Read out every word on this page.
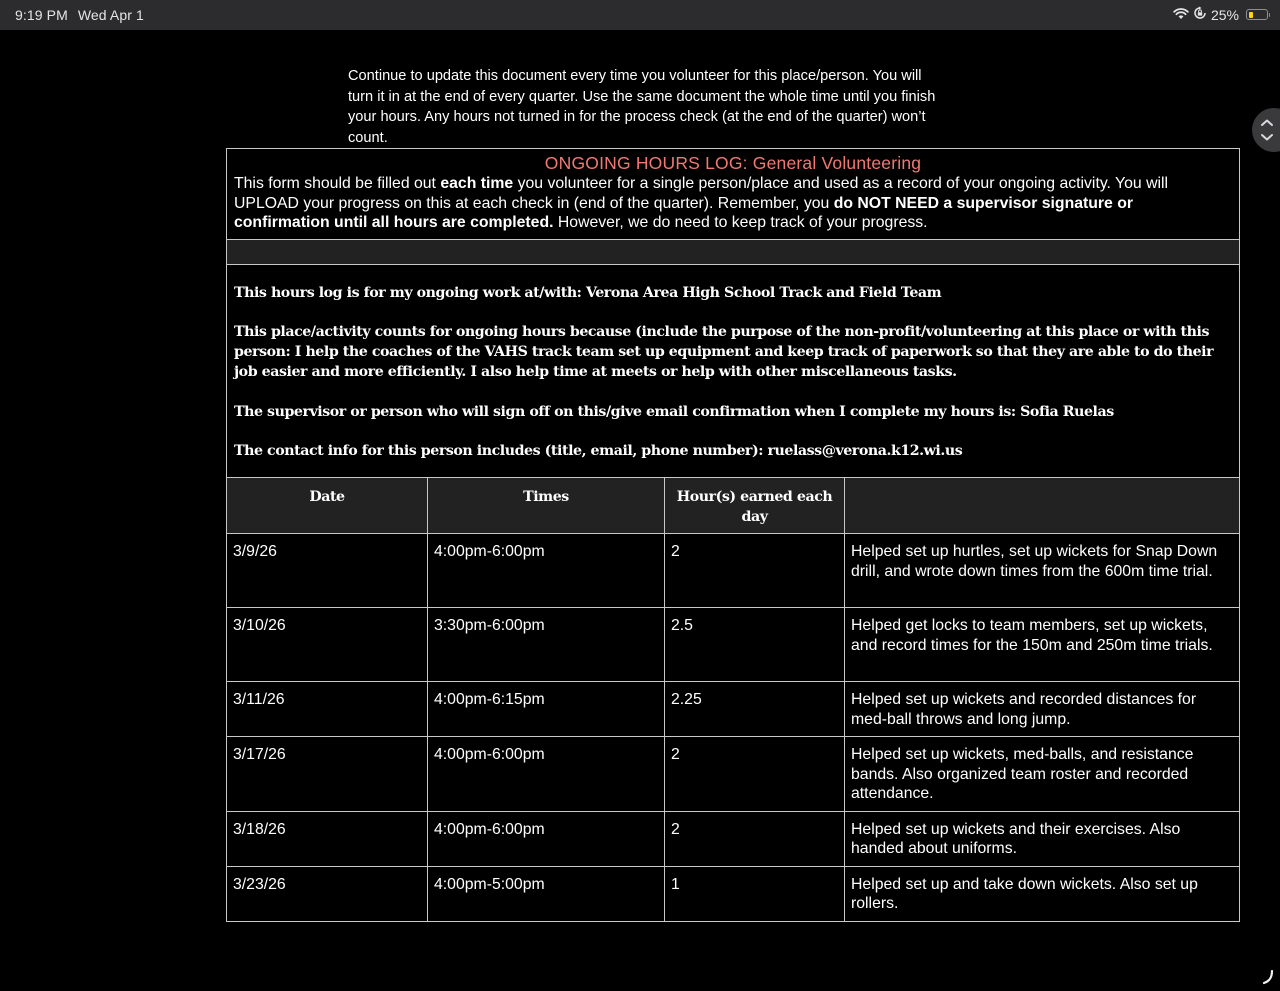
9:19 PM Wed Apr 1	25%
Continue to update this document every time you volunteer for this place/person. You will turn it in at the end of every quarter. Use the same document the whole time until you finish your hours. Any hours not turned in for the process check (at the end of the quarter) won’t count.
ONGOING HOURS LOG: General Volunteering
This form should be filled out each time you volunteer for a single person/place and used as a record of your ongoing activity. You will UPLOAD your progress on this at each check in (end of the quarter). Remember, you do NOT NEED a supervisor signature or confirmation until all hours are completed. However, we do need to keep track of your progress.			

This hours log is for my ongoing work at/with: Verona Area High School Track and Field Team

This place/activity counts for ongoing hours because (include the purpose of the non-profit/volunteering at this place or with this person: I help the coaches of the VAHS track team set up equipment and keep track of paperwork so that they are able to do their job easier and more efficiently. I also help time at meets or help with other miscellaneous tasks.

The supervisor or person who will sign off on this/give email confirmation when I complete my hours is: Sofia Ruelas

The contact info for this person includes (title, email, phone number): ruelass@verona.k12.wi.us			

Date	Times	Hour(s) earned each day	
3/9/26	4:00pm-6:00pm	2	Helped set up hurtles, set up wickets for Snap Down drill, and wrote down times from the 600m time trial.
3/10/26	3:30pm-6:00pm	2.5	Helped get locks to team members, set up wickets, and record times for the 150m and 250m time trials.
3/11/26	4:00pm-6:15pm	2.25	Helped set up wickets and recorded distances for med-ball throws and long jump.
3/17/26	4:00pm-6:00pm	2	Helped set up wickets, med-balls, and resistance bands. Also organized team roster and recorded attendance.
3/18/26	4:00pm-6:00pm	2	Helped set up wickets and their exercises. Also handed about uniforms.
3/23/26	4:00pm-5:00pm	1	Helped set up and take down wickets. Also set up rollers.
